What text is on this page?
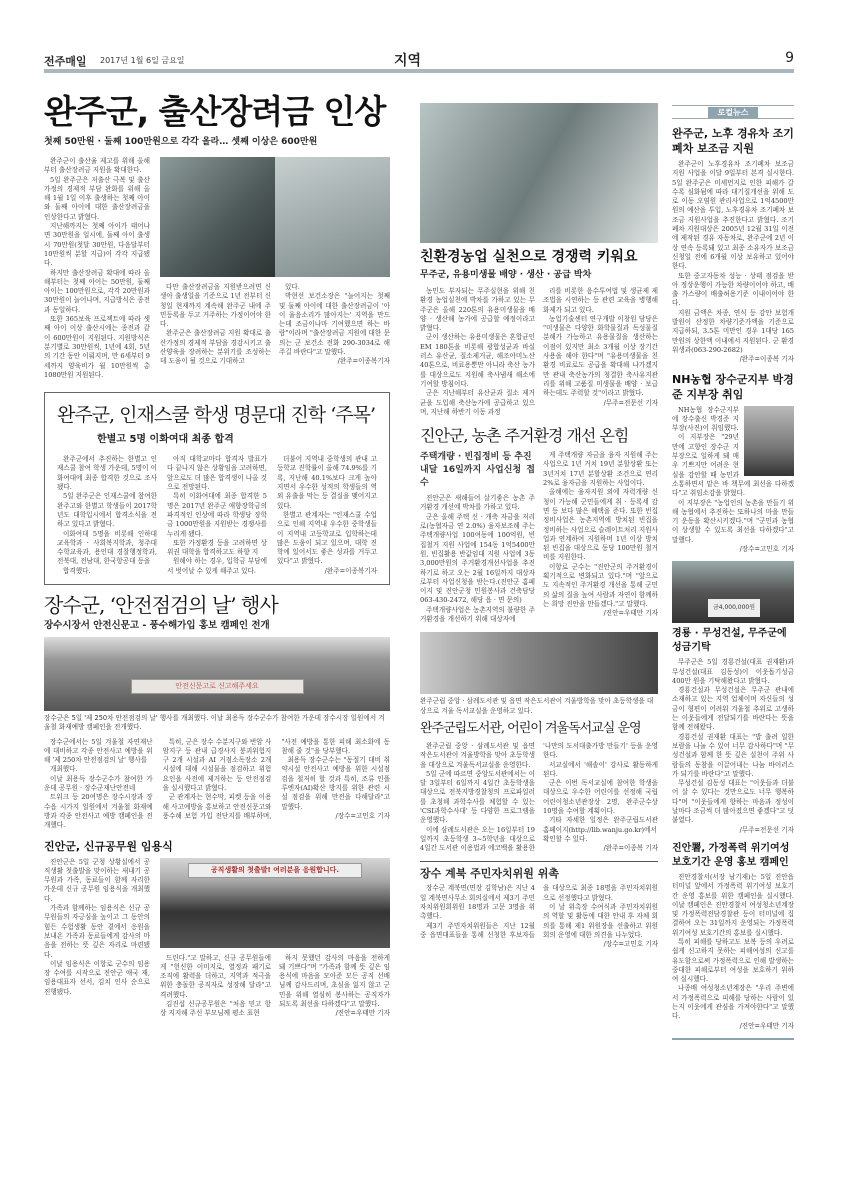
전주매일 2017년 1월 6일 금요일	지역	9
완주군, 출산장려금 인상
첫째 50만원 · 둘째 100만원으로 각각 올라… 셋째 이상은 600만원

완주군이 출산율 제고를 위해 올해부터 출산장려금 지원을 확대한다.

5일 완주군은 저출산 극복 및 출산가정의 경제적 부담 완화를 위해 올해 1월 1일 이후 출생하는 첫째 아이와 둘째 아이에 대한 출산장려금을 인상한다고 밝혔다.

지난해까지는 첫째 아이가 태어나면 30만원을 일시에, 둘째 아이 출생시 70만원(첫달 30만원, 다음달부터 10만원씩 분할 지급)이 각각 지급됐다.

하지만 출산장려금 확대에 따라 올해부터는 첫째 아이는 50만원, 둘째 아이는 100만원으로, 각각 20만원과 30만원이 늘어나며, 지급방식은 종전과 동일하다.

또한 365보육 프로젝트에 따라 셋째 아이 이상 출산시에는 종전과 같이 600만원이 지원된다. 지원방식은 분기별로 30만원씩, 1년에 4회, 5년의 기간 동안 이뤄지며, 만 6세부터 9세까지 양육비가 월 10만원씩 총 1080만원 지원된다.

다만 출산장려금을 지원받으려면 신생아 출생일을 기준으로 1년 전부터 신청일 현재까지 계속해 완주군 내에 주민등록을 두고 거주하는 가정이어야 한다.

완주군은 출산장려금 지원 확대로 출산가정의 경제적 부담을 경감시키고 출산양육을 장려하는 분위기를 조성하는데 도움이 될 것으로 기대하고

있다.

박현선 보건소장은 "늘어지는 첫째 및 둘째 아이에 대한 출산장려금이 '아이 울음소리가 많아지는' 지역을 만드는데 조금이나마 기여했으면 하는 바람"이라며 "출산장려금 지원에 대한 문의는 군 보건소 전화 290-3034로 해주길 바란다"고 말했다.

/완주=이종복기자
완주군, 인재스쿨 학생 명문대 진학 ‘주목’
한별고 5명 이화여대 최종 합격

완주군에서 추진하는 한별고 인재스쿨 참여 학생 가운데, 5명이 이화여대에 최종 합격한 것으로 조사됐다.

5일 완주군은 인재스쿨에 참여한 완주고와 한별고 학생들이 2017학년도 대학입시에서 합격소식을 전하고 있다고 밝혔다.

이화여대 5명을 비롯해 인하대 교육학과 · 사회복지학과, 청주대 수학교육과, 용인대 경찰행정학과, 전북대, 전남대, 한국항공대 등을

합격했다.

아직 대학교마다 합격자 발표가 다 끝나지 않은 상황임을 고려하면, 앞으로도 더 많은 합격생이 나올 것으로 전망된다.

특히 이화여대에 최종 합격한 5명은 2017년 완주군 애향장학금의 파격적인 인상에 따라 학생당 장학금 1000만원을 지원받는 경쟁사를 누리게 됐다.

또한 가정환경 등을 고려하면 상위권 대학을 합격하고도 하향 지

원해야 하는 경우, 입학금 부담에서 벗어날 수 있게 해주고 있다.

더불어 지역내 중학생의 관내 고등학교 진학률이 올해 74.9%를 기록, 지난해 40.1%보다 크게 높아지면서 우수한 성적의 학생들의 역외 유출을 막는 등 결실을 맺어지고 있다.

한별고 관계자는 "인재스쿨 수업으로 인해 지역내 우수한 중학생들이 지역내 고등학교로 입학하는데 많은 도움이 되고 있으며, 대학 진학에 있어서도 좋은 성과를 거두고 있다"고 밝혔다.

/완주=이종복기자
장수군, ‘안전점검의 날’ 행사
장수시장서 안전신문고 - 풍수해가입 홍보 캠페인 전개
안전신문고로 신고해주세요
장수군은 5일 '제 250차 안전점검의 날' 행사를 개최했다. 이날 최용득 장수군수가 참여한 가운데 장수시장 일원에서 겨울철 화재예방 캠페인을 전개했다.

장수군에서는 5일 겨울철 자연재난에 대비하고 각종 안전사고 예방을 위해 '제 250차 안전점검의 날' 행사를

개최했다.

이날 최용득 장수군수가 참여한 가운데 공무원 · 장수군재난안전네

트워크 등 20여명은 장수시장과 장수읍 시가지 일원에서 겨울철 화재예방과 각종 안전사고 예방 캠페인을 전개했다.

특히, 군은 장수 수분지구와 번암 사암지구 등 관내 급경사지 붕괴위험지구 2개 시설과 AI 거점소독장소 2개 시설에 대해 시설물을 점검하고 위험요인을 사전에 제거하는 등 안전점검을 실시했다고 밝혔다.

군 관계자는 현수막, 피켓 등을 이용해 사고예방을 홍보하고 안전신문고와 풍수해 보험 가입 전단지를 배부하며, "사전 예방을 통한 피해 최소화에 동참해 줄 것"을 당부했다.

최용득 장수군수는 "동절기 대비 취약시설 안전사고 예방을 위한 시설점검을 철저히 할 것과 특히, 조류 인플루엔자(AI)확산 방지를 위한 관련 시설 점검을 위해 만전을 다해달라"고 말했다.

/장수=고민호 기자
진안군, 신규공무원 임용식

진안군은 5일 군청 상황실에서 공직생활 첫출발을 맞이하는 새내기 공무원과 가족, 동료들이 함께 자리한 가운데 신규 공무원 임용식을 개최했다.

가족과 함께하는 임용식은 신규 공무원들의 자긍심을 높이고 그 동안의 힘든 수험생활 동안 곁에서 응원을 보내온 가족과 동료들에게 감사의 마음을 전하는 뜻 깊은 자리로 마련됐다.

이날 임용식은 이항로 군수의 임용장 수여를 시작으로 진안군 애국 재, 임용대표자 선서, 김치 인사 순으로 진행됐다.

공직생활의 첫출발! 여러분을 응원합니다.

드린다."고 말하고, 신규 공무원들에게 "헌신한 이미지로, 열정과 패기로 조직에 활력을 더하고, 지역과 적극을 위한 충돌한 공직자로 성장해 달라"고 격려했다.

김진섭 신규공무원은 "처음 믿고 항상 지지해 주신 부모님께 평소 표현

하지 못했던 감사의 마음을 전하게 돼 기쁘다"며 "가족과 함께 뜻 깊은 임용식에 마음을 모아준 모든 공직 선배님께 감사드리며, 초심을 잃지 않고 군민을 위해 열심히 봉사하는 공직자가 되도록 최선을 다하겠다"고 말했다.

/진안=우태만 기자
친환경농업 실천으로 경쟁력 키워요
무주군, 유용미생물 배양 · 생산 · 공급 박차

농민도 부자되는 무주실현을 위해 친환경 농업실천에 박차를 가하고 있는 무주군은 올해 220톤의 유용미생물을 배양 · 생산해 농가에 공급할 예정이라고 밝혔다.

군이 생산하는 유용미생물은 혼합균인 EM 180톤을 비롯해 광합성균과 바실러스 유산균, 질소제거균, 해조아미노산 40톤으로, 비료용뿐만 아니라 축산 농가를 대상으로도 지원해 축사냄새 해소에 기여할 방침이다.

군은 지난해부터 유산균과 질소 제거균을 도입해 축산농가에 공급하고 있으며, 지난해 하반기 이동 과정

리를 비롯한 음수투여법 및 생균제 제조법을 시연하는 등 관련 교육을 병행해 화제가 되고 있다.

농업기술센터 연구개발 이창원 담당은 "미생물은 다양한 화학물질과 독성물질 분해가 가능하고 유용물질을 생산하는 이점이 있지만 최소 3개월 이상 장기간 사용을 해야 한다"며 "유용미생물을 친환경 비료로도 공급을 확대해 나가겠지만 관내 축산농가의 청결한 축사유지관리를 위해 고품질 미생물을 배양 · 보급하는데도 주력할 것"이라고 밝혔다.

/무주=전문선 기자
진안군, 농촌 주거환경 개선 온힘
주택개량 · 빈집정비 등 추진
내달 16일까지 사업신청 접수

진안군은 새해들어 살기좋은 농촌 주거환경 개선에 박차를 가하고 있다.

군은 올해 주택 신 · 개축 자금을 저리로(농협자금 연 2.0%) 융자보조해 주는 주택개량사업 100여동에 100억원, 빈집철거 지원 사업에 154동 1억5400만원, 빈집활용 반값임대 지원 사업에 3동 3,000만원의 주거환경개선사업을 추진하기로 하고 오는 2월 16일까지 대상자로부터 사업신청을 받는다.(진안군 홈페이지 및 진안군청 민원봉사과 건축담당 063-430-2472, 해당 읍 · 면 문의)

주택개량사업은 농촌지역의 불량한 주거환경을 개선하기 위해 대상자에

게 주택개량 자금을 융자 지원해 주는 사업으로 1년 거치 19년 분할상환 또는 3년거치 17년 분할상환 조건으로 연리 2%로 융자금을 지원하는 사업이다.

올해에는 융자지원 외에 자력개량 신청이 가능해 군민들에게 취 · 등록세 감면 등 보다 많은 혜택을 준다. 또한 빈집 정비사업은 농촌지역에 방치된 빈집을 정비하는 사업으로 슬레이트처리 지원사업과 연계하여 지원하며 1년 이상 방치된 빈집을 대상으로 동당 100만원 철거비를 지원한다.

이항로 군수는 "진안군의 주거환경이 획기적으로 변화되고 있다."며 "앞으로도 지속적인 주거환경 개선을 통해 군민의 삶의 질을 높여 사람과 자연이 함께하는 희망 진안을 만들겠다."고 말했다.

/진안=우태만 기자
완주군립 중앙 · 삼례도서관 및 읍면 작은도서관이 겨울방학을 맞아 초등학생을 대상으로 겨울 독서교실을 운영하고 있다.
완주군립도서관, 어린이 겨울독서교실 운영

완주군립 중앙 · 삼례도서관 및 읍면 작은도서관이 겨울방학을 맞아 초등학생을 대상으로 겨울독서교실을 운영한다.

5일 군에 따르면 중앙도서관에서는 이달 3일부터 6일까지 4일간 초등학생을 대상으로 전북지방경찰청의 프로파일러를 초청해 과학수사를 체험할 수 있는 'CSI과학수사대' 등 다양한 프로그램을 운영했다.

이에 삼례도서관은 오는 16일부터 19일까지 초등학생 3~5학년을 대상으로 4일간 도서관 이용법과 에코백을 활용한 '나만의 도서대출가방 만들기' 등을 운영한다.

서교실에서 '해솔이' 강사로 활동하게 된다.

군은 이번 독서교실에 참여한 학생을 대상으로 우수한 어린이를 선정해 국립어린이청소년관장상 2명, 완주군수상 10명을 수여할 계획이다.

기타 자세한 일정은 완주군립도서관 홈페이지(http://lib.wanju.go.kr)에서 확인할 수 있다.

/완주=이종복 기자
장수 계북 주민자치위원 위촉

장수군 계북면(면장 김학남)은 지난 4일 계북면사무소 회의실에서 제3기 주민자치위원회위원 18명과 고문 3명을 위촉했다.

제3기 주민자치위원들은 지난 12월 중 읍면대표들을 통해 신청한 후보자들을 대상으로 최종 18명을 주민자치위원으로 선정했다고 밝혔다.

이 날 위촉장 수여식과 주민자치위원의 역할 및 활동에 대한 안내 후 자체 회의를 통해 제1 위원장을 선출하고 위원회의 운영에 대한 의견을 나누었다.

/장수=고민호 기자
로컬뉴스
완주군, 노후 경유차 조기폐차 보조금 지원

완주군이 노후경유차 조기폐차 보조금 지원 사업을 이달 9일부터 본격 실시한다. 5일 완주군은 미세먼지로 인한 피해가 갈수록 심화됨에 따라 대기질개선을 위해 도로 이동 오염원 관리사업으로 1억4500만원의 예산을 투입, 노후경유차 조기폐차 보조금 지원사업을 추진한다고 밝혔다. 조기 폐차 지원대상은 2005년 12월 31일 이전에 제작된 경유 자동차로, 완주군에 2년 이상 연속 등록돼 있고 최종 소유자가 보조금 신청일 전에 6개월 이상 보유하고 있어야 한다.

또한 중고자동차 성능 · 상태 점검을 받아 정상운행이 가능한 차량이어야 하고, 배출 가스량이 배출허용기준 이내이어야 한다.

지원 금액은 차종, 연식 등 감안 보험개발원이 산정한 차량기준가액을 기준으로 지급하되, 3.5톤 미만인 경우 1대당 165만원의 상한액 이내에서 지원된다. 군 환경위생과(063-290-2682)

/완주=이종복 기자
NH농협 장수군지부 박경준 지부장 취임

NH농협 장수군지부에 장수출신 박경준 지부장(사진)이 취임했다.

이 지부장은 "29년 만에 고향인 장수군 지부장으로 일하게 돼 매우 기쁘지만 어려운 현실을 감안할 때 농민과 소통하면서 맡은 바 책무에 최선을 다하겠다"고 취임소감을 밝혔다.

이 지부장은 "농업인의 농촌을 만들기 위해 농협에서 추진하는 또하나의 마을 만들기 운동을 확산시키겠다."며 "군민과 농협이 상생할 수 있도록 최선을 다하겠다"고 말했다.

/장수=고민호 기자
금4,000,000원
경룡 · 무성건설, 무주군에 성금기탁

무주군은 5일 경룡건설(대표 권재환)과 무성건설(대표 김동성)이 이웃돕기성금 400만 원을 기탁해왔다고 밝혔다.

경룡건설과 무성건설은 무주군 관내에 소재하고 있는 지역 업체이며 자신들의 성금이 형편이 어려워 겨울철 추위로 고생하는 이웃들에게 전달되기를 바란다는 뜻을 함께 전해왔다.

경룡건설 권재환 대표는 "밥 출려 일한 보람을 나눌 수 있어 너무 감사하다"며 "무성건설과 함께 한 뜻 깊은 실천이 주위 사람들의 동참을 이끌어내는 나눔 바이러스가 되기를 바란다"고 말했다.

무성건설 김동성 대표는 "이웃들과 더불어 살 수 있다는 것만으로도 너무 행복하다"며 "이웃들에게 향하는 마음과 정성이 날마다 조금씩 더 많아졌으면 좋겠다"고 덧붙였다.

/무주=전문선 기자
진안署, 가정폭력 위기여성 보호기간 운영 홍보 캠페인

진안경찰서(서장 남기재)는 5일 진안읍 터미널 앞에서 가정폭력 위기여성 보호기간 운영 홍보를 위한 캠페인을 실시했다. 이날 캠페인은 진안경찰서 여성청소년계장 및 가정폭력전담경찰관 등이 터미널에 집결하여 오는 31일까지 운영되는 가정폭력 위기여성 보호기간의 홍보를 실시했다.

특히 피해를 당하고도 보복 등의 우려로 쉽게 신고하지 못하는 피해여성의 신고를 유도함으로써 가정폭력으로 인해 발생하는 중대한 피해로부터 여성을 보호하기 위하여 실시했다.

나종배 여성청소년계장은 "우리 주변에서 가정폭력으로 피해를 당하는 사람이 있는지 이웃에게 관심을 가져야한다"고 말했다.

/진안=우태만 기자
